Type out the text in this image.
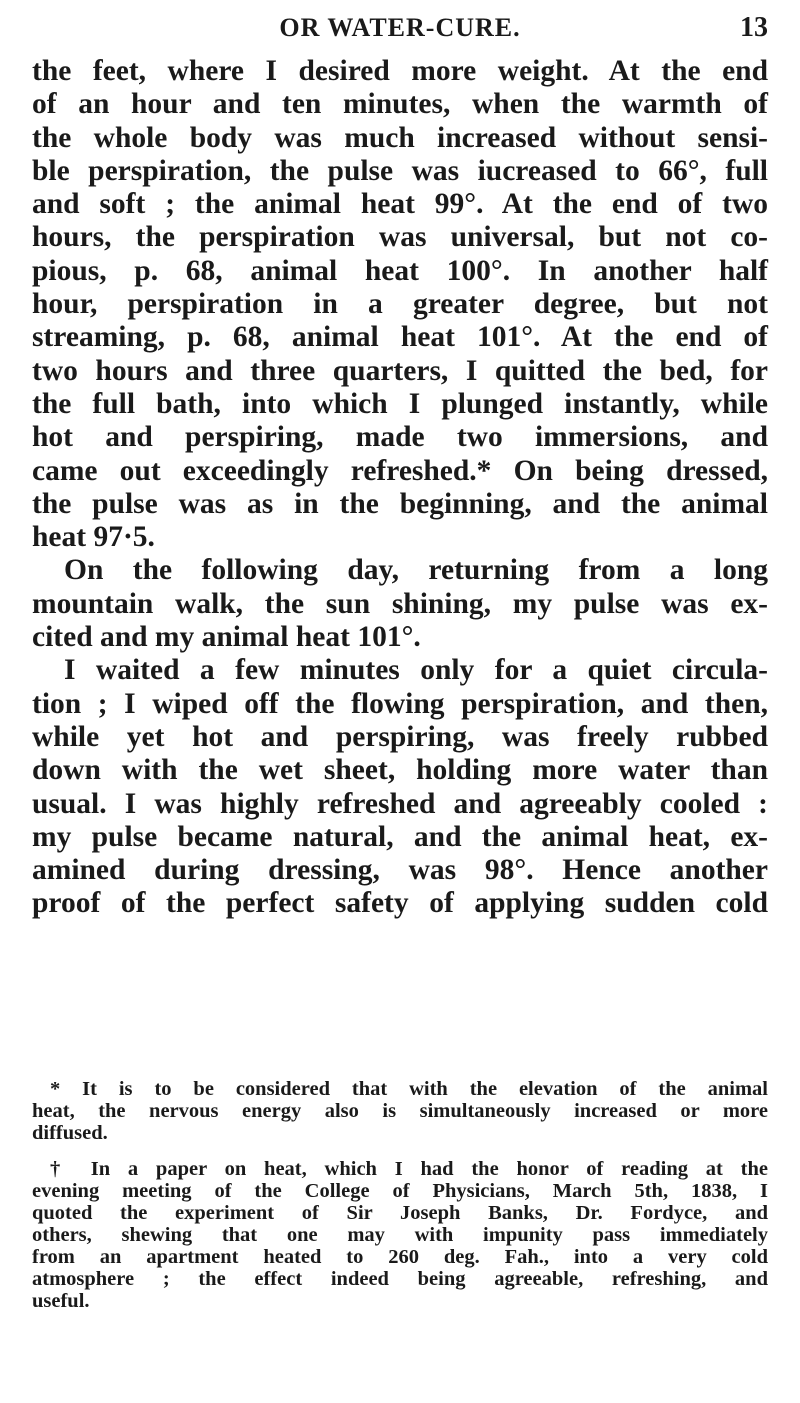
OR WATER-CURE.	13
the feet, where I desired more weight. At the end
of an hour and ten minutes, when the warmth of
the whole body was much increased without sensi-
ble perspiration, the pulse was iucreased to 66°, full
and soft ; the animal heat 99°. At the end of two
hours, the perspiration was universal, but not co-
pious, p. 68, animal heat 100°. In another half
hour, perspiration in a greater degree, but not
streaming, p. 68, animal heat 101°. At the end of
two hours and three quarters, I quitted the bed, for
the full bath, into which I plunged instantly, while
hot and perspiring, made two immersions, and
came out exceedingly refreshed.* On being dressed,
the pulse was as in the beginning, and the animal
heat 97·5.
On the following day, returning from a long
mountain walk, the sun shining, my pulse was ex-
cited and my animal heat 101°.
I waited a few minutes only for a quiet circula-
tion ; I wiped off the flowing perspiration, and then,
while yet hot and perspiring, was freely rubbed
down with the wet sheet, holding more water than
usual. I was highly refreshed and agreeably cooled :
my pulse became natural, and the animal heat, ex-
amined during dressing, was 98°. Hence another
proof of the perfect safety of applying sudden cold
* It is to be considered that with the elevation of the animal
heat, the nervous energy also is simultaneously increased or more
diffused.
† In a paper on heat, which I had the honor of reading at the
evening meeting of the College of Physicians, March 5th, 1838, I
quoted the experiment of Sir Joseph Banks, Dr. Fordyce, and
others, shewing that one may with impunity pass immediately
from an apartment heated to 260 deg. Fah., into a very cold
atmosphere ; the effect indeed being agreeable, refreshing, and
useful.
